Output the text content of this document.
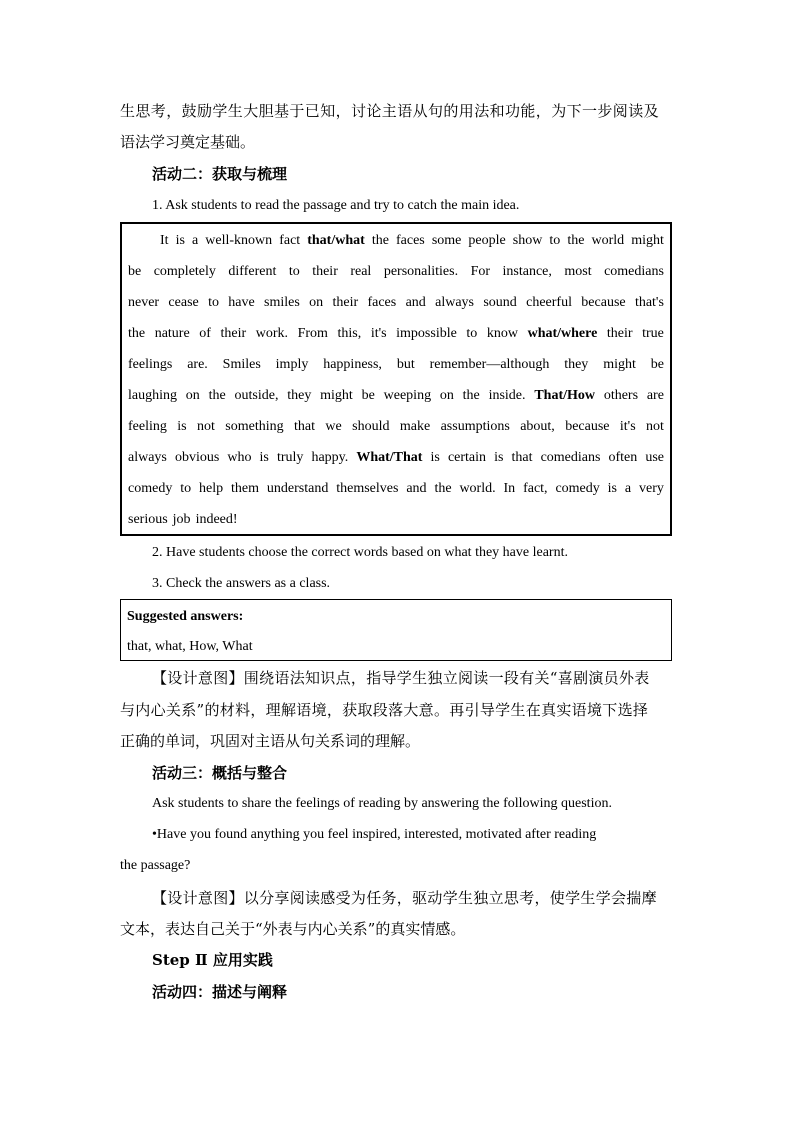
生思考，鼓励学生大胆基于已知，讨论主语从句的用法和功能，为下一步阅读及
语法学习奠定基础。
活动二：获取与梳理
1. Ask students to read the passage and try to catch the main idea.
It is a well-known fact that/what the faces some people show to the world might
be completely different to their real personalities. For instance, most comedians
never cease to have smiles on their faces and always sound cheerful because that's
the nature of their work. From this, it's impossible to know what/where their true
feelings are. Smiles imply happiness, but remember—although they might be
laughing on the outside, they might be weeping on the inside. That/How others are
feeling is not something that we should make assumptions about, because it's not
always obvious who is truly happy. What/That is certain is that comedians often use
comedy to help them understand themselves and the world. In fact, comedy is a very
serious job indeed!
2. Have students choose the correct words based on what they have learnt.
3. Check the answers as a class.
Suggested answers:
that, what, How, What
【设计意图】围绕语法知识点，指导学生独立阅读一段有关“喜剧演员外表
与内心关系”的材料，理解语境，获取段落大意。再引导学生在真实语境下选择
正确的单词，巩固对主语从句关系词的理解。
活动三：概括与整合
Ask students to share the feelings of reading by answering the following question.
•Have you found anything you feel inspired, interested, motivated after reading
the passage?
【设计意图】以分享阅读感受为任务，驱动学生独立思考，使学生学会揣摩
文本，表达自己关于“外表与内心关系”的真实情感。
Step Ⅱ 应用实践
活动四：描述与阐释
